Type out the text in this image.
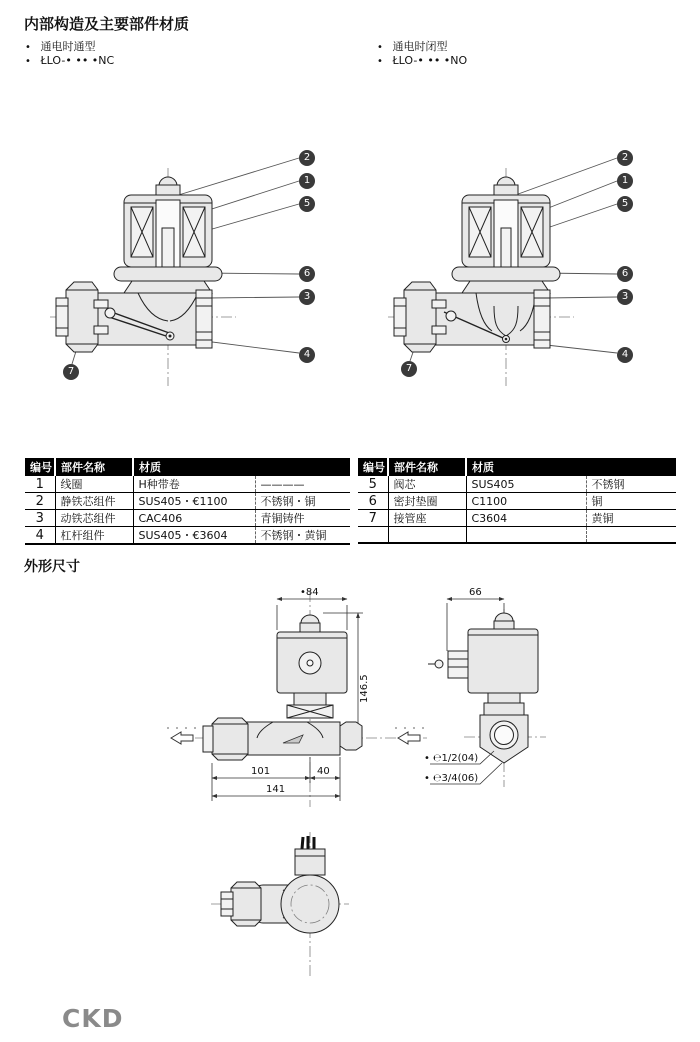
内部构造及主要部件材质
• 通电时通型
• ŁLO-• •• •NC
• 通电时闭型
• ŁLO-• •• •NO
2
1
5
6
3
4
7
2
1
5
6
3
4
7
编号	部件名称	材质	
1	线圈	H种带卷	————
2	静铁芯组件	SUS405・€1100	不锈钢・铜
3	动铁芯组件	CAC406	青铜铸件
4	杠杆组件	SUS405・€3604	不锈钢・黄铜
编号	部件名称	材质	
5	阀芯	SUS405	不锈钢
6	密封垫圈	C1100	铜
7	接管座	C3604	黄铜

外形尺寸
•84
146.5
101	40
141
66
• ℮1/2(04)
• ℮3/4(06)
CKD
